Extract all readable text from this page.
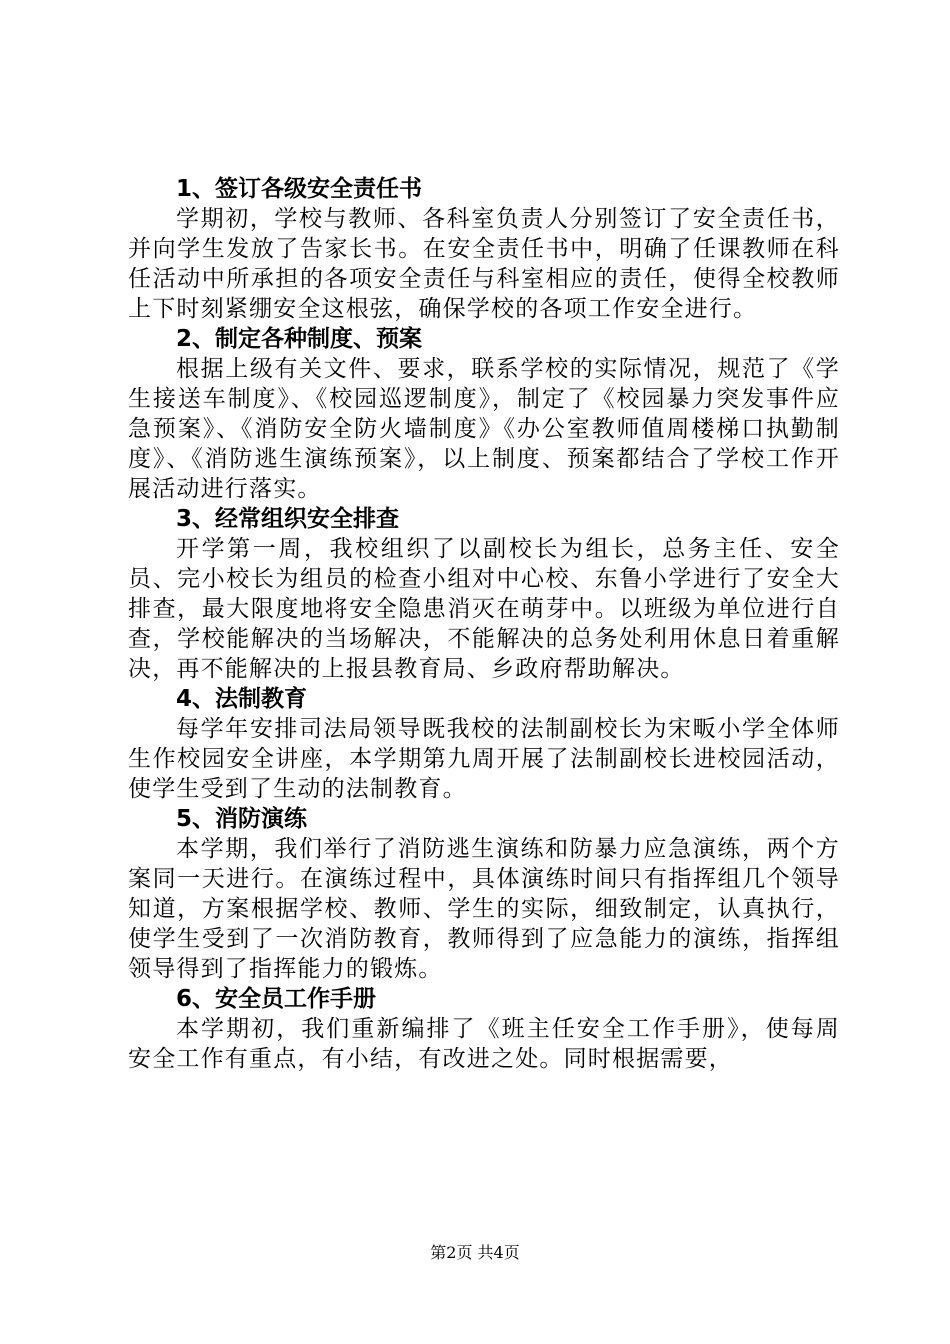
1、签订各级安全责任书

学期初，学校与教师、各科室负责人分别签订了安全责任书，并向学生发放了告家长书。在安全责任书中，明确了任课教师在科任活动中所承担的各项安全责任与科室相应的责任，使得全校教师上下时刻紧绷安全这根弦，确保学校的各项工作安全进行。

2、制定各种制度、预案

根据上级有关文件、要求，联系学校的实际情况，规范了《学生接送车制度》、《校园巡逻制度》，制定了《校园暴力突发事件应急预案》、《消防安全防火墙制度》《办公室教师值周楼梯口执勤制度》、《消防逃生演练预案》，以上制度、预案都结合了学校工作开展活动进行落实。

3、经常组织安全排查

开学第一周，我校组织了以副校长为组长，总务主任、安全员、完小校长为组员的检查小组对中心校、东鲁小学进行了安全大排查，最大限度地将安全隐患消灭在萌芽中。以班级为单位进行自查，学校能解决的当场解决，不能解决的总务处利用休息日着重解决，再不能解决的上报县教育局、乡政府帮助解决。

4、法制教育

每学年安排司法局领导既我校的法制副校长为宋畈小学全体师生作校园安全讲座，本学期第九周开展了法制副校长进校园活动，使学生受到了生动的法制教育。

5、消防演练

本学期，我们举行了消防逃生演练和防暴力应急演练，两个方案同一天进行。在演练过程中，具体演练时间只有指挥组几个领导知道，方案根据学校、教师、学生的实际，细致制定，认真执行，使学生受到了一次消防教育，教师得到了应急能力的演练，指挥组领导得到了指挥能力的锻炼。

6、安全员工作手册

本学期初，我们重新编排了《班主任安全工作手册》，使每周安全工作有重点，有小结，有改进之处。同时根据需要，

第2页 共4页
